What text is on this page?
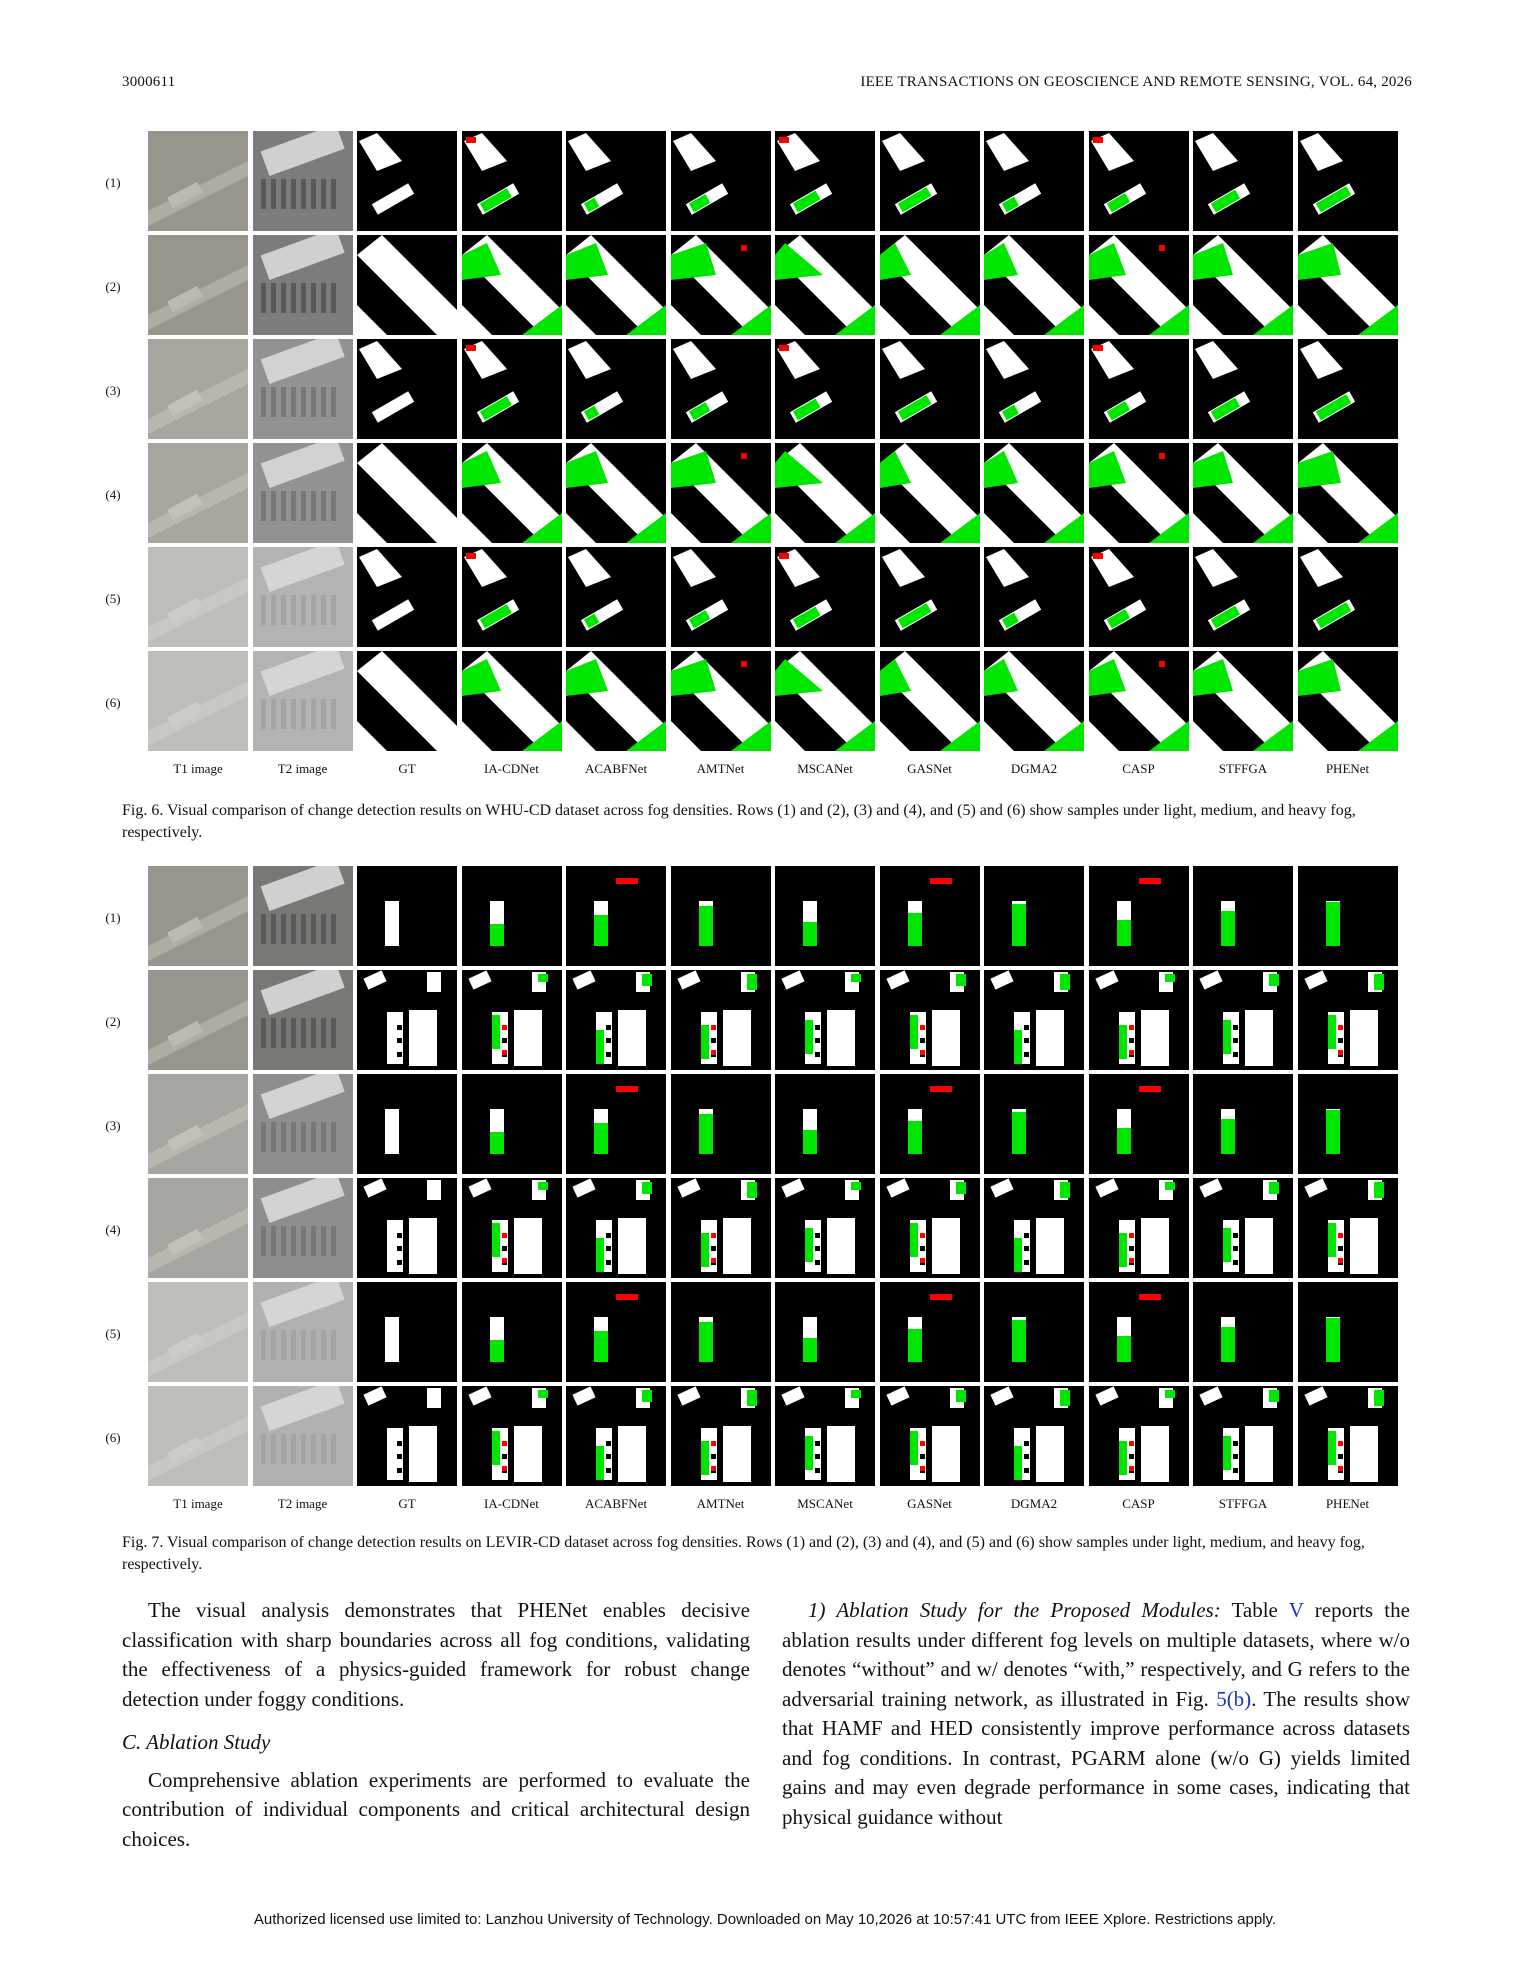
3000611	IEEE TRANSACTIONS ON GEOSCIENCE AND REMOTE SENSING, VOL. 64, 2026
(1)
(2)
(3)
(4)
(5)
(6)
T1 image	T2 image	GT	IA-CDNet	ACABFNet	AMTNet	MSCANet	GASNet	DGMA2	CASP	STFFGA	PHENet
Fig. 6. Visual comparison of change detection results on WHU-CD dataset across fog densities. Rows (1) and (2), (3) and (4), and (5) and (6) show samples under light, medium, and heavy fog, respectively.
(1)
(2)
(3)
(4)
(5)
(6)
T1 image	T2 image	GT	IA-CDNet	ACABFNet	AMTNet	MSCANet	GASNet	DGMA2	CASP	STFFGA	PHENet
Fig. 7. Visual comparison of change detection results on LEVIR-CD dataset across fog densities. Rows (1) and (2), (3) and (4), and (5) and (6) show samples under light, medium, and heavy fog, respectively.

The visual analysis demonstrates that PHENet enables decisive classification with sharp boundaries across all fog conditions, validating the effectiveness of a physics-guided framework for robust change detection under foggy conditions.

C. Ablation Study

Comprehensive ablation experiments are performed to evaluate the contribution of individual components and critical architectural design choices.

1) Ablation Study for the Proposed Modules: Table V reports the ablation results under different fog levels on multiple datasets, where w/o denotes “without” and w/ denotes “with,” respectively, and G refers to the adversarial training network, as illustrated in Fig. 5(b). The results show that HAMF and HED consistently improve performance across datasets and fog conditions. In contrast, PGARM alone (w/o G) yields limited gains and may even degrade performance in some cases, indicating that physical guidance without

Authorized licensed use limited to: Lanzhou University of Technology. Downloaded on May 10,2026 at 10:57:41 UTC from IEEE Xplore. Restrictions apply.
